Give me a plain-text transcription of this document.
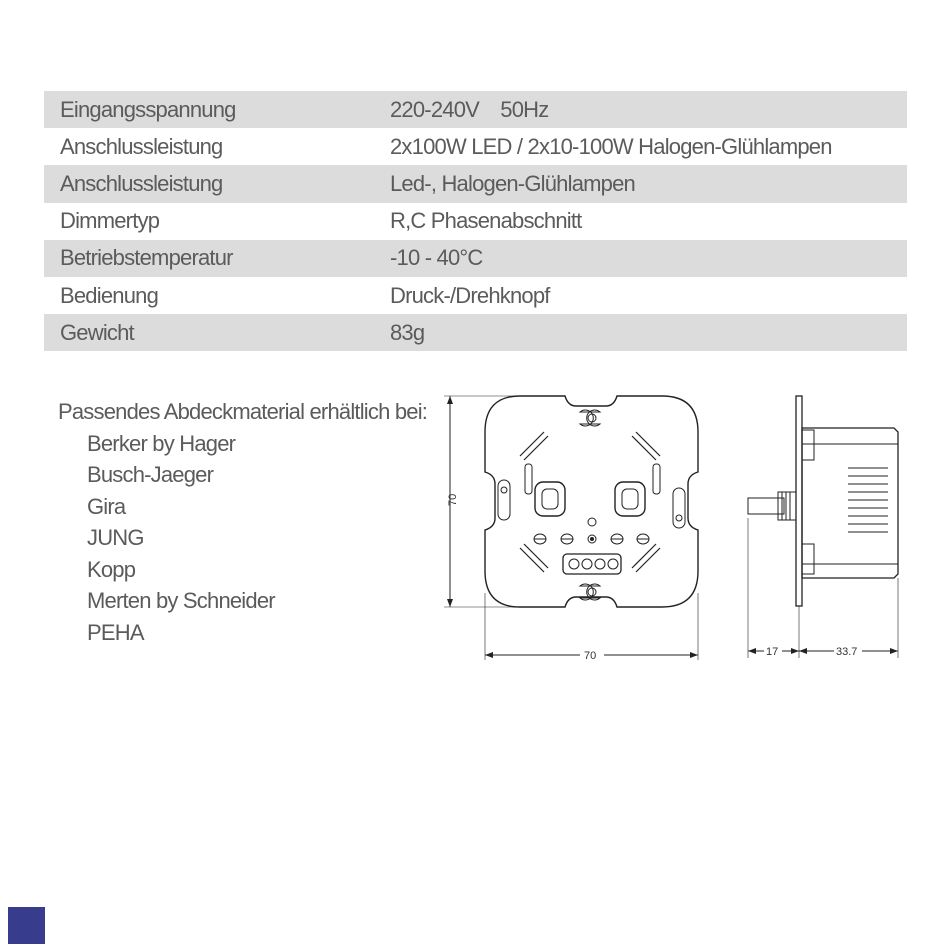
Eingangsspannung	220-240V    50Hz
Anschlussleistung	2x100W LED / 2x10-100W Halogen-Glühlampen
Anschlussleistung	Led-, Halogen-Glühlampen
Dimmertyp	R,C Phasenabschnitt
Betriebstemperatur	-10 - 40°C
Bedienung	Druck-/Drehknopf
Gewicht	83g
Passendes Abdeckmaterial erhältlich bei:
Berker by Hager
Busch-Jaeger
Gira
JUNG
Kopp
Merten by Schneider
PEHA
70
70	17	33.7
